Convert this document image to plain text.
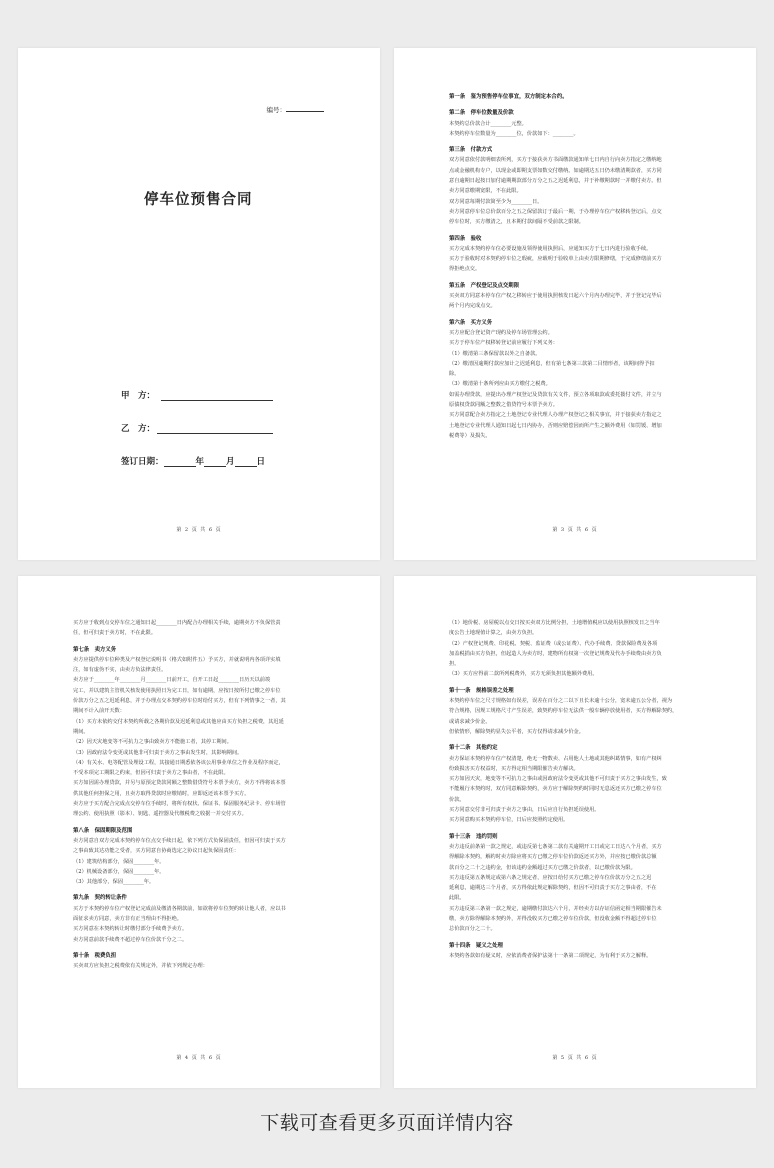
编号：
停车位预售合同
甲　方：
乙　方：
签订日期：	年	月	日
第 2 页 共 6 页
第一条　鉴为预售停车位事宜，双方制定本合约。
第二条　停车位数量及价款

本契约总价款合计________元整。

本契约停车位数量为________位，价款如下：________。

第三条　付款方式

双方同意依付款明细表所列，买方于接获卖方书面缴款通知单七日内自行向卖方指定之缴纳地

点或金融机构专户，以现金或即期支票如数交付缴纳。如逾期达五日仍未缴清期款者，买方同

意自逾期日起按日加付逾期期款部分万分之五之迟延利息，并于补缴期款时一并缴付卖方。但

卖方同意缴期宽限，不在此限。

双方同意每期付款简至少为________日。

卖方同意停车位总价款百分之五之保留款订于最后一期，于办理停车位产权移转登记后，点交

停车位时，买方缴清之，且本期付款间隔不受前款之限制。

第四条　验收

买方完成本契约停车位必要设施及领得使用执照后，应通知买方于七日内进行验收手续。

买方于验收时对本契约停车位之瑕疵，应载明于验收单上由卖方限期修缮，于完成修缮前买方

得拒绝点交。

第五条　产权登记及点交期限

买卖双方同意本停车位产权之移转应于使用执照核发日起六个月内办理完毕，并于登记完毕后

两个月内完成点交。

第六条　买方义务

买方应配合登记资产现约及停车场管理公约。

买方于停车位产权移转登记前应履行下列义务：

（1）缴清第三条保留款以外之自备款。

（2）缴清因逾期付款应加计之迟延利息，但有第七条第三款第二目情形者，该期间得予扣

除。

（3）缴清第十条所列应由买方缴付之税费。

如需办理贷款，应提出办理产权登记及贷款有关文件，预立各项取款或委托拨付文件，并立与

原债权贷款同额之整数之借贷符号本票予卖方。

买方同意配合卖方指定之土地登记专业代理人办理产权登记之相关事宜，并于接获卖方指定之

土地登记专业代理人通知日起七日内协办，否则应赔偿因而所产生之额外费用（如罚锾、增加

税费等）及损失。

第 3 页 共 6 页

买方应于收到点交停车位之通知日起________日内配合办理相关手续，逾期卖方不负保管责

任，但可归责于卖方时，不在此限。

第七条　卖方义务

卖方应提供停车位种类及产权登记说明书（格式如附件五）予买方，并就说明内各项详实填

注，如有虚伪不实，由卖方负法律责任。

卖方应于________年________月________日前开工，自开工日起________日历天以前竣

完工，并以建筑主管机关核发使用执照日为完工日，如有逾期，应按日按所付已缴之停车位

价款万分之五之迟延利息，并于办理点交本契约停车位时给付买方，但有下列情事之一者，其

期间不计入前开天数：

（1）买方未依约交付本契约所载之各期价款及迟延利息或其他应由买方负担之税费，其迟延

期间。

（2）因天灾地变等不可抗力之事由致卖方不能施工者，其停工期间。

（3）因政府法令变更或其他非可归责于卖方之事由发生时，其影响期间。

（4）有关水、电等配管及埋设工程，其接通日期悉依各该公用事业单位之作业及程序而定，

不受本项完工期限之约束，但因可归责于卖方之事由者，不在此限。

买方如因需办理贷款，并另与原预定贷款同额之整数借贷符号本票予卖方，卖方不得将该本票

供其他任何担保之用，且卖方取得贷款时应缴销时，应即返还该本票予买方。

卖方应于买方配合完成点交停车位手续时，将所有权状、保证书、保固服务纪录卡、停车场管

理公约、使用执照（影本）、钥匙、遥控器及代缴税费之收据一并交付买方。

第八条　保固期限及范围

卖方同意自双方完成本契约停车位点交手续日起，依下列方式负保固责任，但因可归责于买方

之事由致其达功能之受者，买方同意自协商选定之协议日起负保固责任：

（1）建筑结构部分，保固________年。

（2）机械设备部分，保固________年。

（3）其他部分，保固________年。

第九条　契约转让条件

买方于本契约停车位产权登记完成前及缴清各期款前，如欲将停车位契约转让他人者，应以书

面征求卖方同意，卖方非有正当理由不得拒绝。

买方同意在本契约转让时缴付部分手续费予卖方。

卖方同意前款手续费不超过停车位价款千分之二。

第十条　税费负担

买卖双方应负担之税费依有关规定外，并依下列规定办理：

第 4 页 共 6 页

（1）地价税、房屋税以点交日按买卖双方比例分担，土地增值税应以使用执照核发日之当年

度公告土地现值计算之，由卖方负担。

（2）产权登记规费、印花税、契税、监证费（或公证费）、代办手续费、贷款保险费及各项

加盖税捐由买方负担，但起造人为卖方时，建物所有权第一次登记规费及代办手续费由卖方负

担。

（3）买方应得前二款所列税费外，买方无须负担其他额外费用。

第十一条　规格误差之处理

本契约停车位之尺寸规格如有误差，误差在百分之二以下且长未逾十公分，宽未逾五公分者，视为

符合规格，因规工规格尺寸产生误差，致契约停车位无法供一般车辆停放使用者，买方得解除契约，

或请求减少价金。

但依情形，解除契约显失公平者，买方仅得请求减少价金。

第十二条　其他约定

卖方保证本契约停车位产权清楚，绝无一物数卖、占用他人土地或其他纠葛情事，如有产权纠

纷致损害买方权益时，买方得定相当期限催告卖方解决。

买方如因天灾，地变等不可抗力之事由或因政府法令变更或其他不可归责于买方之事由发生，致

不能履行本契约时，双方同意解除契约，卖方应于解除契约时同时无息返还买方已缴之停车位

价款。

买方同意交付非可归责于卖方之事由，日后应自行负担延误使用。

买方同意购买本契约停车位，日后应按照约定使用。

第十三条　违约罚则

卖方违反前条第一款之规定，或违反第七条第二款有关逾期开工日或完工日达八个月者，买方

得解除本契约，解约时卖方除应将买方已缴之停车位价款返还买方外，并应按已缴价款总额

款百分之二十之违约金，但该违约金额超过买方已缴之价款者，以已缴价款为限。

买方违反第五条规定或第六条之规定者，应按日给付买方已缴之停车位价款万分之五之迟

延利息，逾期达三个月者，买方得依此规定解除契约，但因不可归责于买方之事由者，不在

此限。

买方违反第三条第一款之规定，逾期缴付款达六个月，并经卖方以存证信函定相当期限催告未

缴，卖方除得解除本契约外，并得没收买方已缴之停车位价款，但没收金额不得超过停车位

总价款百分之二十。

第十四条　疑义之处理

本契约各款如有疑义时，应依消费者保护法第十一条第二项规定，为有利于买方之解释。

第 5 页 共 6 页
下载可查看更多页面详情内容
